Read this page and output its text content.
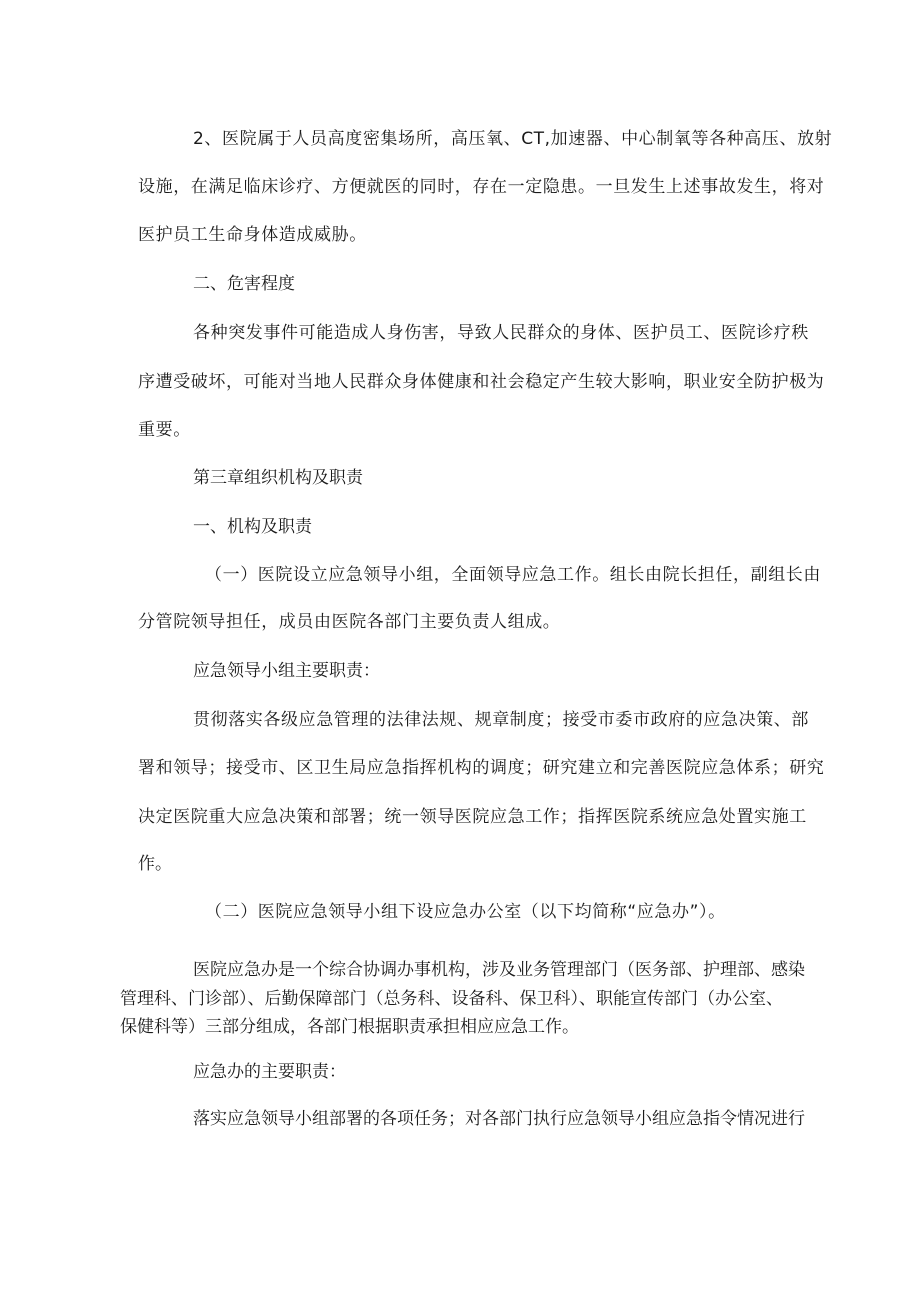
2、医院属于人员高度密集场所，高压氧、CT,加速器、中心制氧等各种高压、放射

设施，在满足临床诊疗、方便就医的同时，存在一定隐患。一旦发生上述事故发生，将对

医护员工生命身体造成威胁。

二、危害程度

各种突发事件可能造成人身伤害，导致人民群众的身体、医护员工、医院诊疗秩

序遭受破坏，可能对当地人民群众身体健康和社会稳定产生较大影响，职业安全防护极为

重要。

第三章组织机构及职责

一、机构及职责

（一）医院设立应急领导小组，全面领导应急工作。组长由院长担任，副组长由

分管院领导担任，成员由医院各部门主要负责人组成。

应急领导小组主要职责：

贯彻落实各级应急管理的法律法规、规章制度；接受市委市政府的应急决策、部

署和领导；接受市、区卫生局应急指挥机构的调度；研究建立和完善医院应急体系；研究

决定医院重大应急决策和部署；统一领导医院应急工作；指挥医院系统应急处置实施工

作。

（二）医院应急领导小组下设应急办公室（以下均简称“应急办”）。

医院应急办是一个综合协调办事机构，涉及业务管理部门（医务部、护理部、感染

管理科、门诊部）、后勤保障部门（总务科、设备科、保卫科）、职能宣传部门（办公室、

保健科等）三部分组成，各部门根据职责承担相应应急工作。

应急办的主要职责：

落实应急领导小组部署的各项任务；对各部门执行应急领导小组应急指令情况进行
